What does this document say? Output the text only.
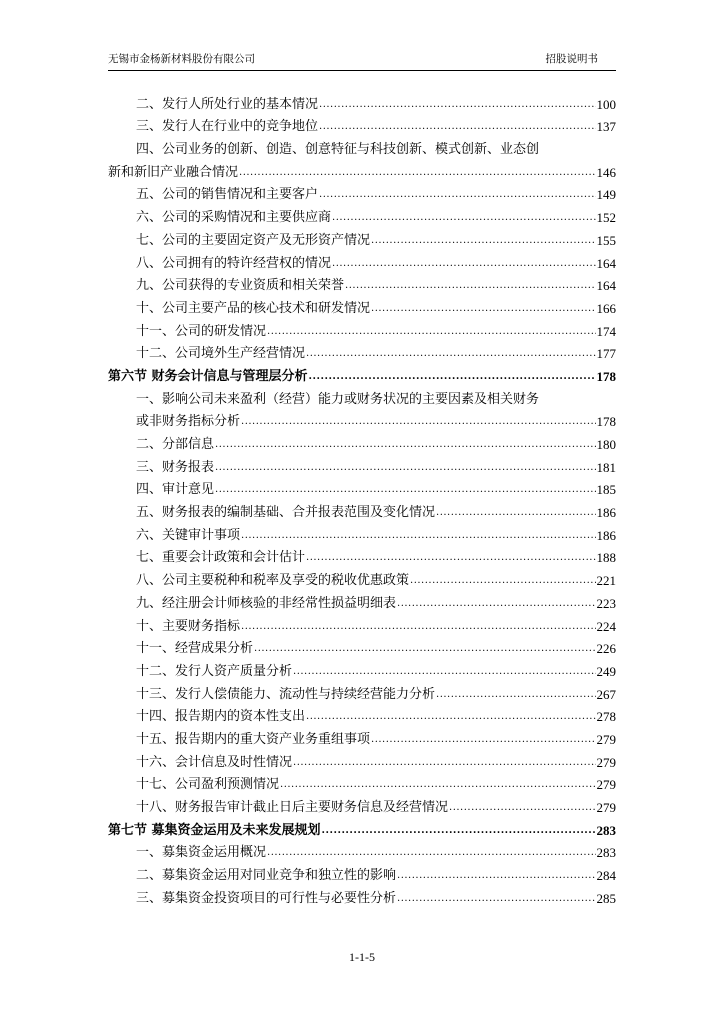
无锡市金杨新材料股份有限公司	招股说明书
二、发行人所处行业的基本情况 .....	100
三、发行人在行业中的竞争地位 .....	137
四、公司业务的创新、创造、创意特征与科技创新、模式创新、业态创
新和新旧产业融合情况 .....	146
五、公司的销售情况和主要客户 .....	149
六、公司的采购情况和主要供应商 .....	152
七、公司的主要固定资产及无形资产情况 .....	155
八、公司拥有的特许经营权的情况 .....	164
九、公司获得的专业资质和相关荣誉 .....	164
十、公司主要产品的核心技术和研发情况 .....	166
十一、公司的研发情况 .....	174
十二、公司境外生产经营情况 .....	177
第六节 财务会计信息与管理层分析 .....	178
一、影响公司未来盈利（经营）能力或财务状况的主要因素及相关财务
或非财务指标分析 .....	178
二、分部信息 .....	180
三、财务报表 .....	181
四、审计意见 .....	185
五、财务报表的编制基础、合并报表范围及变化情况 .....	186
六、关键审计事项 .....	186
七、重要会计政策和会计估计 .....	188
八、公司主要税种和税率及享受的税收优惠政策 .....	221
九、经注册会计师核验的非经常性损益明细表 .....	223
十、主要财务指标 .....	224
十一、经营成果分析 .....	226
十二、发行人资产质量分析 .....	249
十三、发行人偿债能力、流动性与持续经营能力分析 .....	267
十四、报告期内的资本性支出 .....	278
十五、报告期内的重大资产业务重组事项 .....	279
十六、会计信息及时性情况 .....	279
十七、公司盈利预测情况 .....	279
十八、财务报告审计截止日后主要财务信息及经营情况 .....	279
第七节 募集资金运用及未来发展规划 .....	283
一、募集资金运用概况 .....	283
二、募集资金运用对同业竞争和独立性的影响 .....	284
三、募集资金投资项目的可行性与必要性分析 .....	285
1-1-5
